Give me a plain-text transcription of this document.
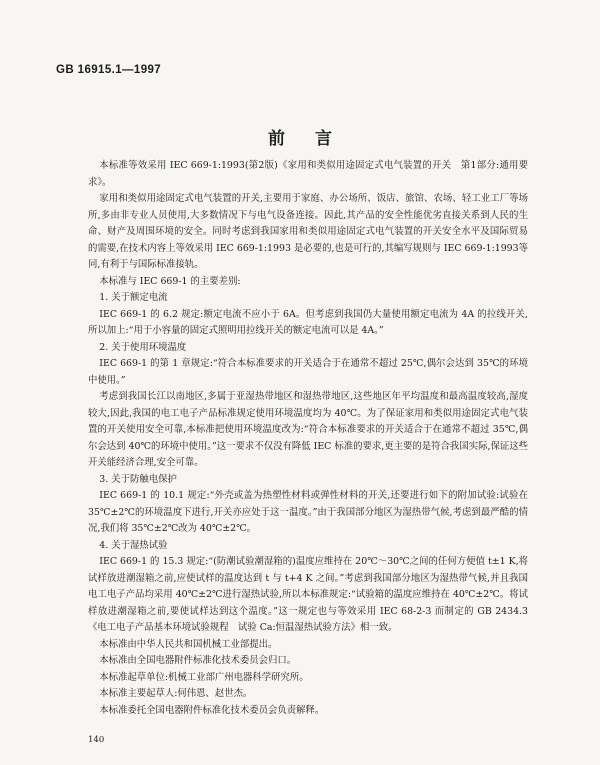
GB 16915.1—1997
前言

本标准等效采用 IEC 669-1:1993(第2版)《家用和类似用途固定式电气装置的开关　第1部分:通用要求》。

家用和类似用途固定式电气装置的开关,主要用于家庭、办公场所、饭店、旅馆、农场、轻工业工厂等场所,多由非专业人员使用,大多数情况下与电气设备连接。因此,其产品的安全性能优劣直接关系到人民的生命、财产及周围环境的安全。同时考虑到我国家用和类似用途固定式电气装置的开关安全水平及国际贸易的需要,在技术内容上等效采用 IEC 669-1:1993 是必要的,也是可行的,其编写规则与 IEC 669-1:1993等同,有利于与国际标准接轨。

本标准与 IEC 669-1 的主要差别:

1. 关于额定电流

IEC 669-1 的 6.2 规定:额定电流不应小于 6A。但考虑到我国仍大量使用额定电流为 4A 的拉线开关,所以加上:“用于小容量的固定式照明用拉线开关的额定电流可以是 4A。”

2. 关于使用环境温度

IEC 669-1 的第 1 章规定:“符合本标准要求的开关适合于在通常不超过 25℃,偶尔会达到 35℃的环境中使用。”

考虑到我国长江以南地区,多属于亚湿热带地区和湿热带地区,这些地区年平均温度和最高温度较高,湿度较大,因此,我国的电工电子产品标准规定使用环境温度均为 40℃。为了保证家用和类似用途固定式电气装置的开关使用安全可靠,本标准把使用环境温度改为:“符合本标准要求的开关适合于在通常不超过 35℃,偶尔会达到 40℃的环境中使用。”这一要求不仅没有降低 IEC 标准的要求,更主要的是符合我国实际,保证这些开关能经济合理,安全可靠。

3. 关于防触电保护

IEC 669-1 的 10.1 规定:“外壳或盖为热塑性材料或弹性材料的开关,还要进行如下的附加试验:试验在 35℃±2℃的环境温度下进行,开关亦应处于这一温度。”由于我国部分地区为湿热带气候,考虑到最严酷的情况,我们将 35℃±2℃改为 40℃±2℃。

4. 关于湿热试验

IEC 669-1 的 15.3 规定:“(防潮试验潮湿箱的)温度应维持在 20℃～30℃之间的任何方便值 t±1 K,将试样放进潮湿箱之前,应使试样的温度达到 t 与 t+4 K 之间。”考虑到我国部分地区为湿热带气候,并且我国电工电子产品均采用 40℃±2℃进行湿热试验,所以本标准规定:“试验箱的温度应维持在 40℃±2℃。将试样放进潮湿箱之前,要使试样达到这个温度。”这一规定也与等效采用 IEC 68-2-3 而制定的 GB 2434.3《电工电子产品基本环境试验规程　试验 Ca:恒温湿热试验方法》相一致。

本标准由中华人民共和国机械工业部提出。

本标准由全国电器附件标准化技术委员会归口。

本标准起草单位:机械工业部广州电器科学研究所。

本标准主要起草人:何伟恩、赵世杰。

本标准委托全国电器附件标准化技术委员会负责解释。

140
